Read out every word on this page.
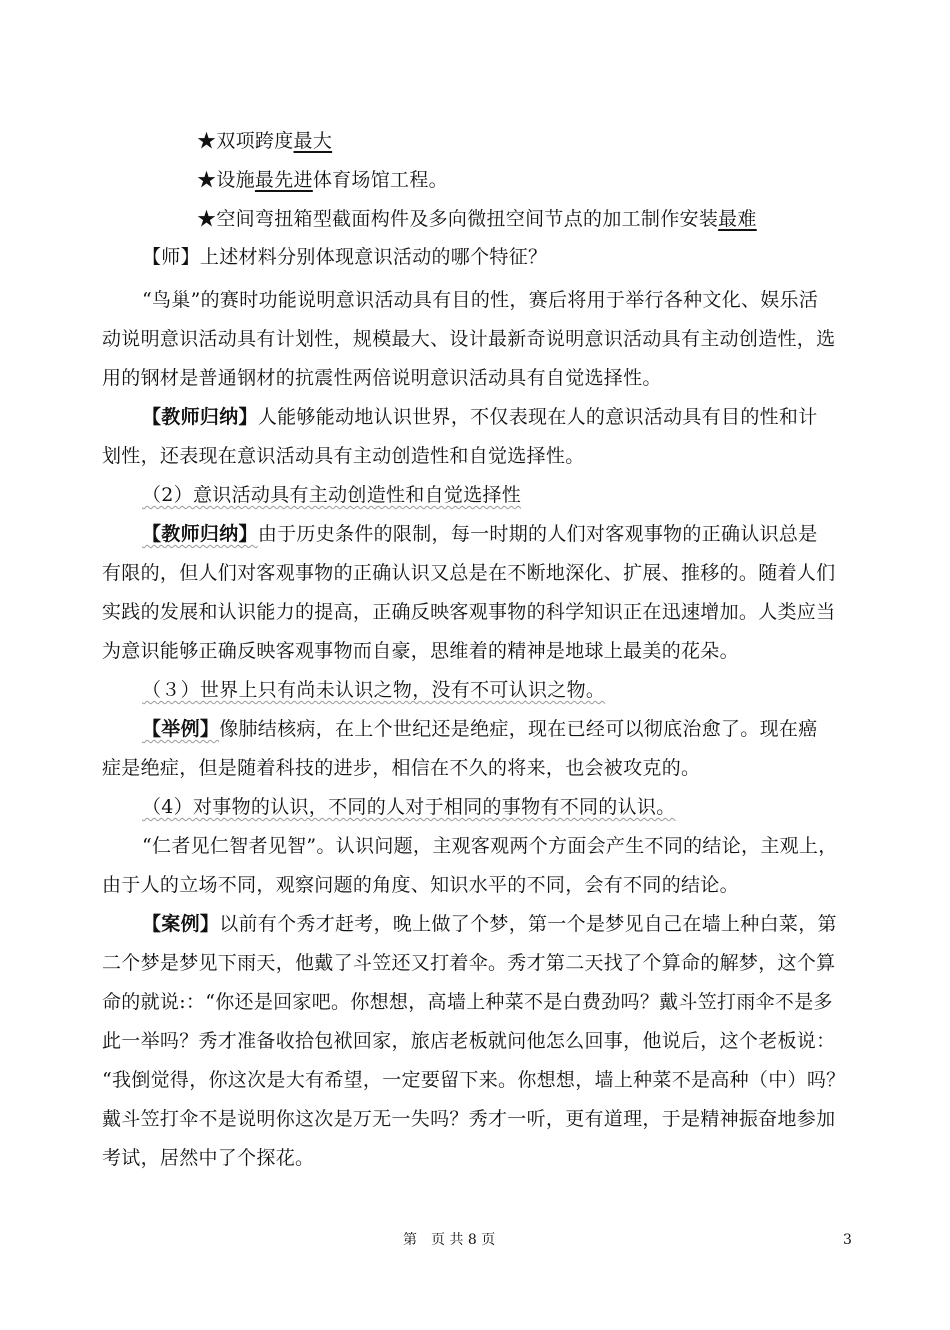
★双项跨度最大
★设施最先进体育场馆工程。
★空间弯扭箱型截面构件及多向微扭空间节点的加工制作安装最难
【师】上述材料分别体现意识活动的哪个特征？
“鸟巢”的赛时功能说明意识活动具有目的性，赛后将用于举行各种文化、娱乐活
动说明意识活动具有计划性，规模最大、设计最新奇说明意识活动具有主动创造性，选
用的钢材是普通钢材的抗震性两倍说明意识活动具有自觉选择性。
【教师归纳】人能够能动地认识世界，不仅表现在人的意识活动具有目的性和计
划性，还表现在意识活动具有主动创造性和自觉选择性。
（2）意识活动具有主动创造性和自觉选择性
【教师归纳】由于历史条件的限制，每一时期的人们对客观事物的正确认识总是
有限的，但人们对客观事物的正确认识又总是在不断地深化、扩展、推移的。随着人们
实践的发展和认识能力的提高，正确反映客观事物的科学知识正在迅速增加。人类应当
为意识能够正确反映客观事物而自豪，思维着的精神是地球上最美的花朵。
（３）世界上只有尚未认识之物，没有不可认识之物。
【举例】像肺结核病，在上个世纪还是绝症，现在已经可以彻底治愈了。现在癌
症是绝症，但是随着科技的进步，相信在不久的将来，也会被攻克的。
（4）对事物的认识，不同的人对于相同的事物有不同的认识。
“仁者见仁智者见智”。认识问题，主观客观两个方面会产生不同的结论，主观上，
由于人的立场不同，观察问题的角度、知识水平的不同，会有不同的结论。
【案例】以前有个秀才赶考，晚上做了个梦，第一个是梦见自己在墙上种白菜，第
二个梦是梦见下雨天，他戴了斗笠还又打着伞。秀才第二天找了个算命的解梦，这个算
命的就说:：“你还是回家吧。你想想，高墙上种菜不是白费劲吗？戴斗笠打雨伞不是多
此一举吗？秀才准备收拾包袱回家，旅店老板就问他怎么回事，他说后，这个老板说：
“我倒觉得，你这次是大有希望，一定要留下来。你想想，墙上种菜不是高种（中）吗？
戴斗笠打伞不是说明你这次是万无一失吗？秀才一听，更有道理，于是精神振奋地参加
考试，居然中了个探花。
第　页 共 8 页	3
